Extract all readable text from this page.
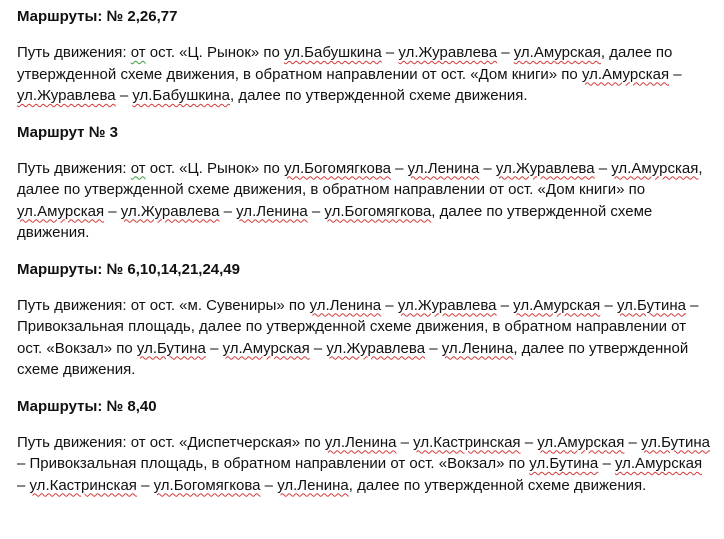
Маршруты: № 2,26,77

Путь движения: от ост. «Ц. Рынок» по ул.Бабушкина – ул.Журавлева – ул.Амурская, далее по утвержденной схеме движения, в обратном направлении от ост. «Дом книги» по ул.Амурская – ул.Журавлева – ул.Бабушкина, далее по утвержденной схеме движения.

Маршрут № 3

Путь движения: от ост. «Ц. Рынок» по ул.Богомягкова – ул.Ленина – ул.Журавлева – ул.Амурская, далее по утвержденной схеме движения, в обратном направлении от ост. «Дом книги» по ул.Амурская – ул.Журавлева – ул.Ленина – ул.Богомягкова, далее по утвержденной схеме движения.

Маршруты: № 6,10,14,21,24,49

Путь движения: от ост. «м. Сувениры» по ул.Ленина – ул.Журавлева – ул.Амурская – ул.Бутина – Привокзальная площадь, далее по утвержденной схеме движения, в обратном направлении от ост. «Вокзал» по ул.Бутина – ул.Амурская – ул.Журавлева – ул.Ленина, далее по утвержденной схеме движения.

Маршруты: № 8,40

Путь движения: от ост. «Диспетчерская» по ул.Ленина – ул.Кастринская – ул.Амурская – ул.Бутина – Привокзальная площадь, в обратном направлении от ост. «Вокзал» по ул.Бутина – ул.Амурская – ул.Кастринская – ул.Богомягкова – ул.Ленина, далее по утвержденной схеме движения.
